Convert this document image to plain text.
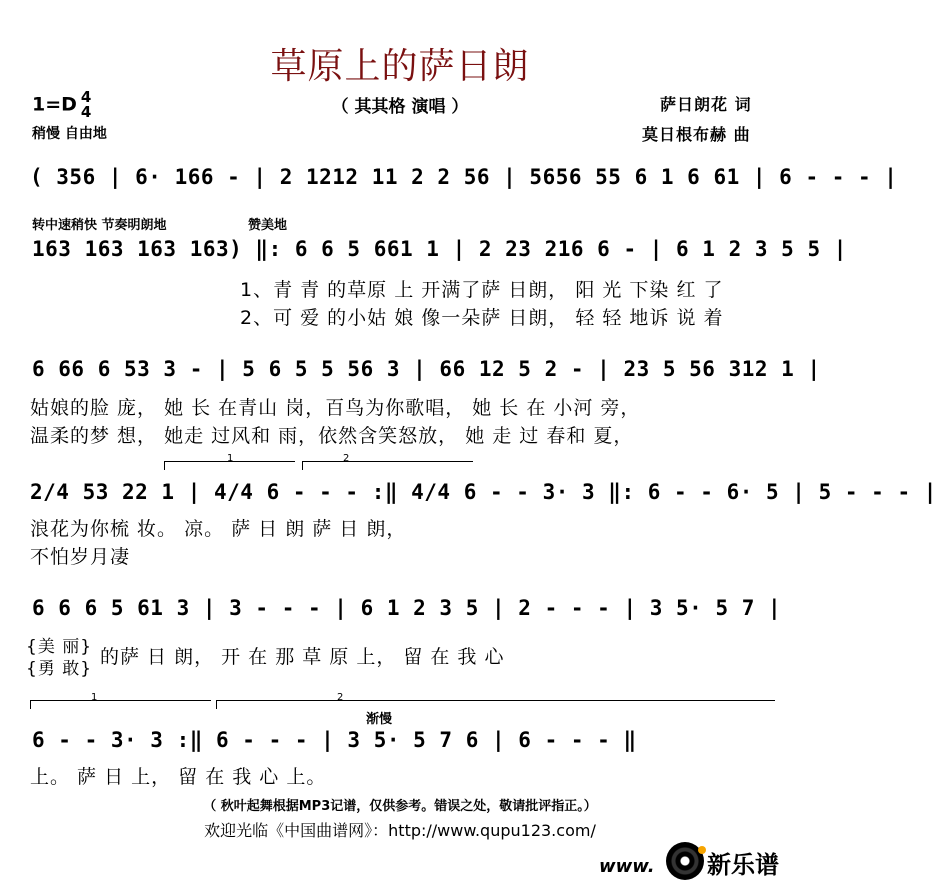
草原上的萨日朗
（ 其其格 演唱 ）
1=D 4
4
稍慢 自由地
萨日朗花 词
莫日根布赫 曲
( 356 | 6· 166 - | 2 1212 11 2 2 56 | 5656 55 6 1 6 61 | 6 - - - |
转中速稍快 节奏明朗地	赞美地
163 163 163 163) ‖: 6 6 5 661 1 | 2 23 216 6 - | 6 1 2 3 5 5 |
1、青 青 的草原 上 开满了萨 日朗， 阳 光 下染 红 了
2、可 爱 的小姑 娘 像一朵萨 日朗， 轻 轻 地诉 说 着
6 66 6 53 3 - | 5 6 5 5 56 3 | 66 12 5 2 - | 23 5 56 312 1 |
姑娘的脸 庞， 她 长 在青山 岗，百鸟为你歌唱， 她 长 在 小河 旁，
温柔的梦 想， 她走 过风和 雨，依然含笑怒放， 她 走 过 春和 夏，
1	2
2/4 53 22 1 | 4/4 6 - - - :‖ 4/4 6 - - 3· 3 ‖: 6 - - 6· 5 | 5 - - - |
浪花为你梳 妆。 凉。 萨 日 朗 萨 日 朗，
不怕岁月凄
6 6 6 5 61 3 | 3 - - - | 6 1 2 3 5 | 2 - - - | 3 5· 5 7 |
{美 丽}
{勇 敢}
的萨 日 朗， 开 在 那 草 原 上， 留 在 我 心
1	2
渐慢
6 - - 3· 3 :‖ 6 - - - | 3 5· 5 7 6 | 6 - - - ‖
上。 萨 日 上， 留 在 我 心 上。
（ 秋叶起舞根据MP3记谱，仅供参考。错误之处，敬请批评指正。）
欢迎光临《中国曲谱网》：http://www.qupu123.com/
www. 新乐谱
